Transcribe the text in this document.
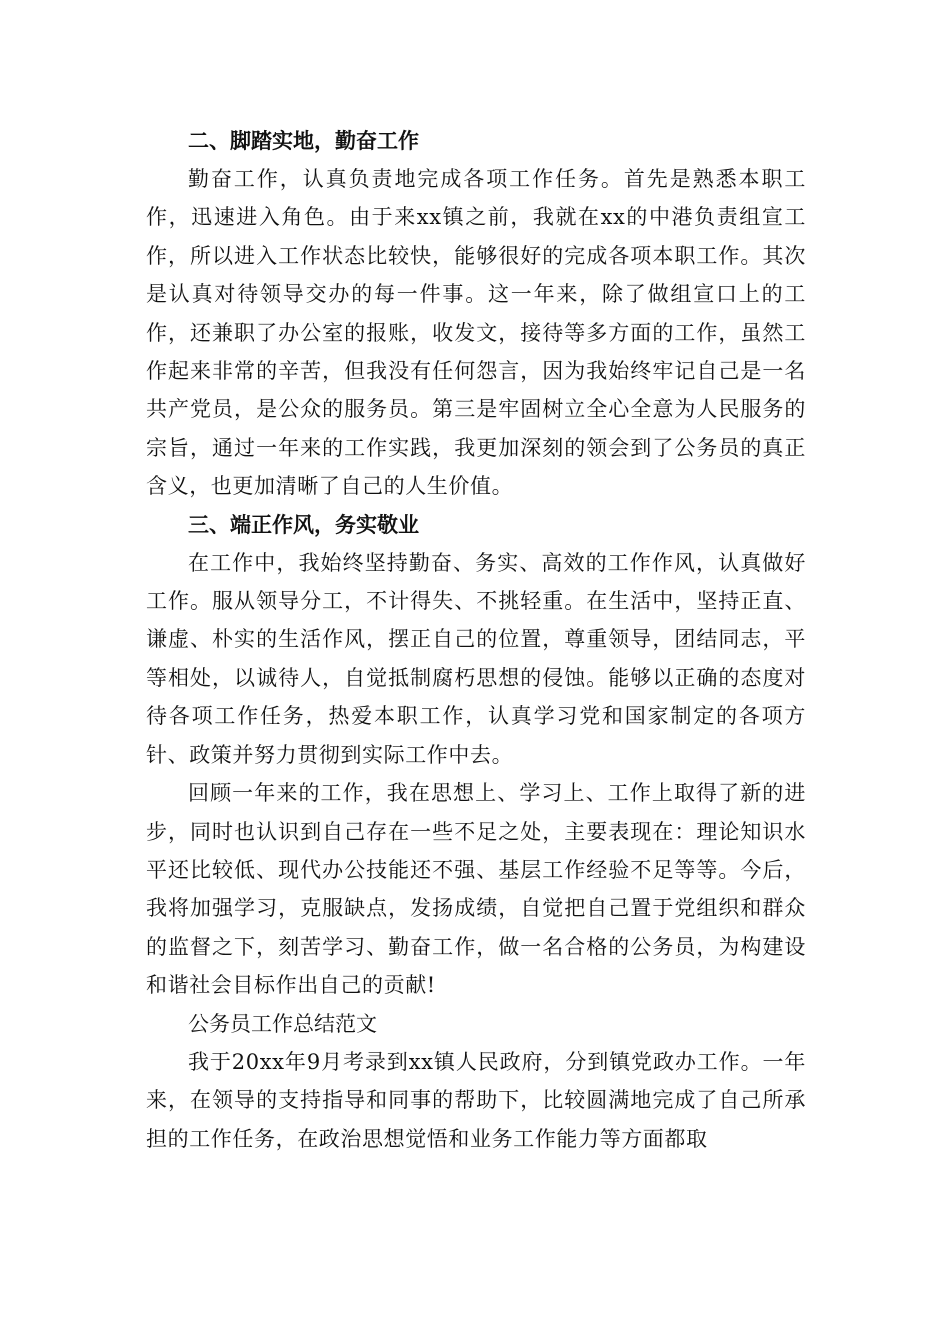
二、脚踏实地，勤奋工作

勤奋工作，认真负责地完成各项工作任务。首先是熟悉本职工作，迅速进入角色。由于来xx镇之前，我就在xx的中港负责组宣工作，所以进入工作状态比较快，能够很好的完成各项本职工作。其次是认真对待领导交办的每一件事。这一年来，除了做组宣口上的工作，还兼职了办公室的报账，收发文，接待等多方面的工作，虽然工作起来非常的辛苦，但我没有任何怨言，因为我始终牢记自己是一名共产党员，是公众的服务员。第三是牢固树立全心全意为人民服务的宗旨，通过一年来的工作实践，我更加深刻的领会到了公务员的真正含义，也更加清晰了自己的人生价值。

三、端正作风，务实敬业

在工作中，我始终坚持勤奋、务实、高效的工作作风，认真做好工作。服从领导分工，不计得失、不挑轻重。在生活中，坚持正直、谦虚、朴实的生活作风，摆正自己的位置，尊重领导，团结同志，平等相处，以诚待人，自觉抵制腐朽思想的侵蚀。能够以正确的态度对待各项工作任务，热爱本职工作，认真学习党和国家制定的各项方针、政策并努力贯彻到实际工作中去。

回顾一年来的工作，我在思想上、学习上、工作上取得了新的进步，同时也认识到自己存在一些不足之处，主要表现在：理论知识水平还比较低、现代办公技能还不强、基层工作经验不足等等。今后，我将加强学习，克服缺点，发扬成绩，自觉把自己置于党组织和群众的监督之下，刻苦学习、勤奋工作，做一名合格的公务员，为构建设和谐社会目标作出自己的贡献!

公务员工作总结范文

我于20xx年9月考录到xx镇人民政府，分到镇党政办工作。一年来，在领导的支持指导和同事的帮助下，比较圆满地完成了自己所承担的工作任务，在政治思想觉悟和业务工作能力等方面都取
